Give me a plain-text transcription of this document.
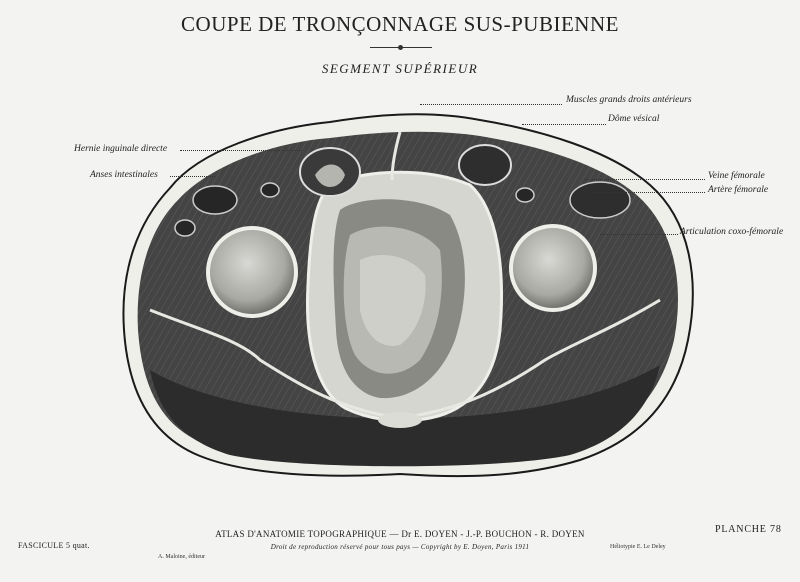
COUPE DE TRONÇONNAGE SUS-PUBIENNE
SEGMENT SUPÉRIEUR
Muscles grands droits antérieurs
Dôme vésical
Hernie inguinale directe
Anses intestinales	Veine fémorale
Artère fémorale
Articulation coxo-fémorale
FASCICULE 5 quat.
A. Maloine, éditeur
ATLAS D'ANATOMIE TOPOGRAPHIQUE — Dr E. DOYEN - J.-P. BOUCHON - R. DOYEN
Droit de reproduction réservé pour tous pays — Copyright by E. Doyen, Paris 1911	Héliotypie E. Le Deley
PLANCHE 78
